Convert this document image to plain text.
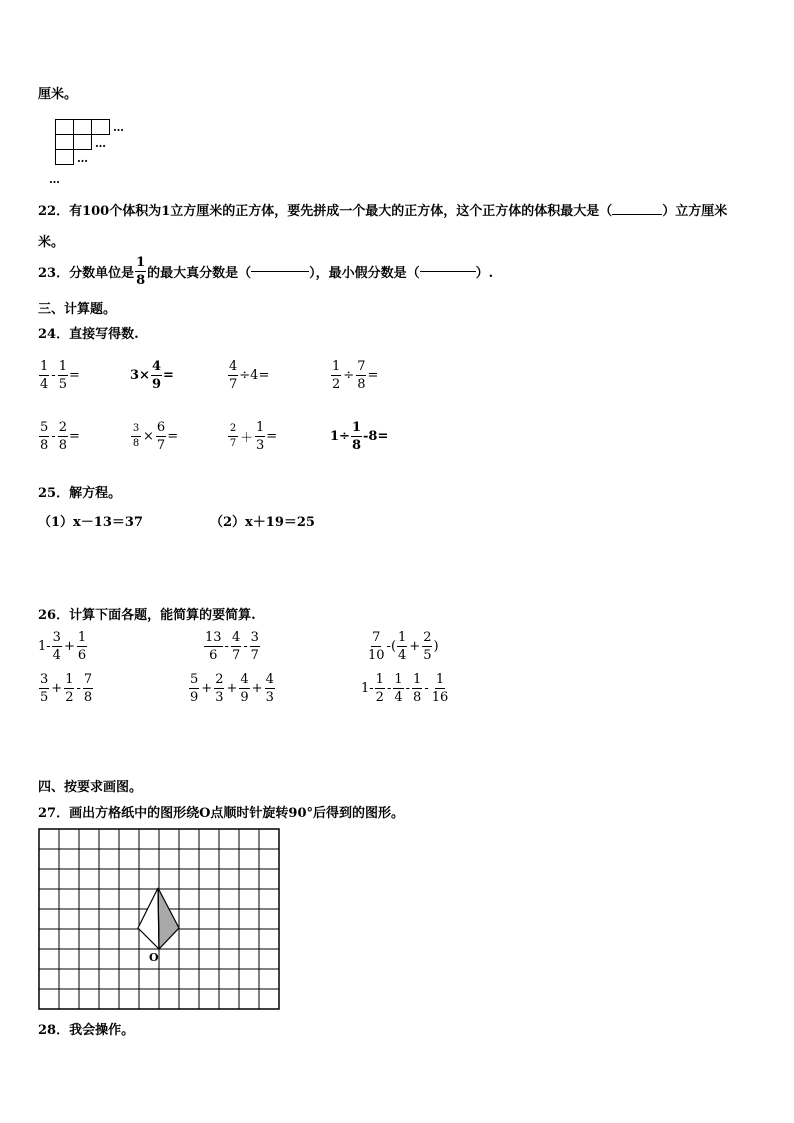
厘米。
…
…
…
…
22．有100个体积为1立方厘米的正方体，要先拼成一个最大的正方体，这个正方体的体积最大是（	）立方厘米
米。
23．分数单位是 $\frac{1}{8}$ 的最大真分数是（	），最小假分数是（	）.
三、计算题。
24．直接写得数.
$\frac{1}{4} - \frac{1}{5}$ =	$3\times \frac{4}{9}$ =	$\frac{4}{7} \div 4=$	$\frac{1}{2} \div \frac{7}{8}$ =
$\frac{5}{8} - \frac{2}{8}$ =	$\frac{3}{8} \times \frac{6}{7}$ =	$\frac{2}{7} + \frac{1}{3}$ =	$1\div \frac{1}{8} -8=$
25．解方程。
（1）x－13＝37	（2）x＋19＝25
26．计算下面各题，能简算的要简算.
$1- \frac{3}{4} + \frac{1}{6}$	$\frac{13}{6} - \frac{4}{7} - \frac{3}{7}$	$\frac{7}{10}$ -( $\frac{1}{4} + \frac{2}{5}$ )
$\frac{3}{5} + \frac{1}{2} - \frac{7}{8}$	$\frac{5}{9} + \frac{2}{3} + \frac{4}{9} + \frac{4}{3}$	$1- \frac{1}{2} - \frac{1}{4} - \frac{1}{8} - \frac{1}{16}$
四、按要求画图。
27．画出方格纸中的图形绕O点顺时针旋转90°后得到的图形。
O
28．我会操作。
